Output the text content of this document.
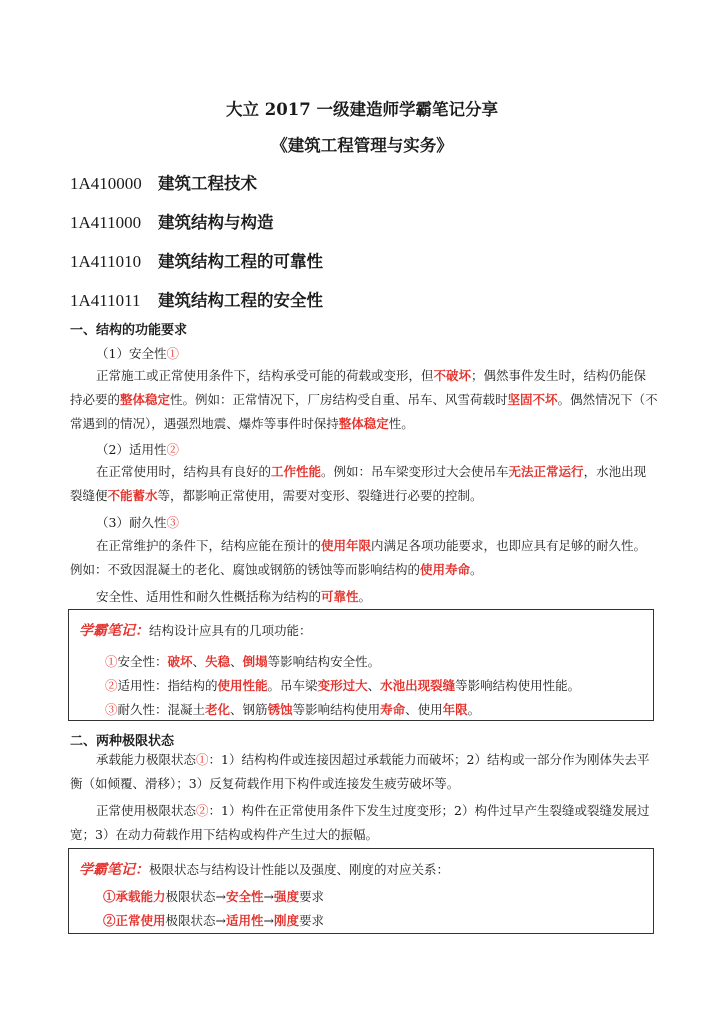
大立 2017 一级建造师学霸笔记分享
《建筑工程管理与实务》
1A410000 建筑工程技术
1A411000 建筑结构与构造
1A411010 建筑结构工程的可靠性
1A411011 建筑结构工程的安全性
一、结构的功能要求
（1）安全性①
正常施工或正常使用条件下，结构承受可能的荷载或变形，但不破坏；偶然事件发生时，结构仍能保
持必要的整体稳定性。例如：正常情况下，厂房结构受自重、吊车、风雪荷载时坚固不坏。偶然情况下（不
常遇到的情况），遇强烈地震、爆炸等事件时保持整体稳定性。
（2）适用性②
在正常使用时，结构具有良好的工作性能。例如：吊车梁变形过大会使吊车无法正常运行，水池出现
裂缝便不能蓄水等，都影响正常使用，需要对变形、裂缝进行必要的控制。
（3）耐久性③
在正常维护的条件下，结构应能在预计的使用年限内满足各项功能要求，也即应具有足够的耐久性。
例如：不致因混凝土的老化、腐蚀或钢筋的锈蚀等而影响结构的使用寿命。
安全性、适用性和耐久性概括称为结构的可靠性。
学霸笔记：结构设计应具有的几项功能：
①安全性：破坏、失稳、倒塌等影响结构安全性。
②适用性：指结构的使用性能。吊车梁变形过大、水池出现裂缝等影响结构使用性能。
③耐久性：混凝土老化、钢筋锈蚀等影响结构使用寿命、使用年限。
二、两种极限状态
承载能力极限状态①：1）结构构件或连接因超过承载能力而破坏；2）结构或一部分作为刚体失去平
衡（如倾覆、滑移）；3）反复荷载作用下构件或连接发生疲劳破坏等。
正常使用极限状态②：1）构件在正常使用条件下发生过度变形；2）构件过早产生裂缝或裂缝发展过
宽；3）在动力荷载作用下结构或构件产生过大的振幅。
学霸笔记：极限状态与结构设计性能以及强度、刚度的对应关系：
①承载能力极限状态→安全性→强度要求
②正常使用极限状态→适用性→刚度要求
